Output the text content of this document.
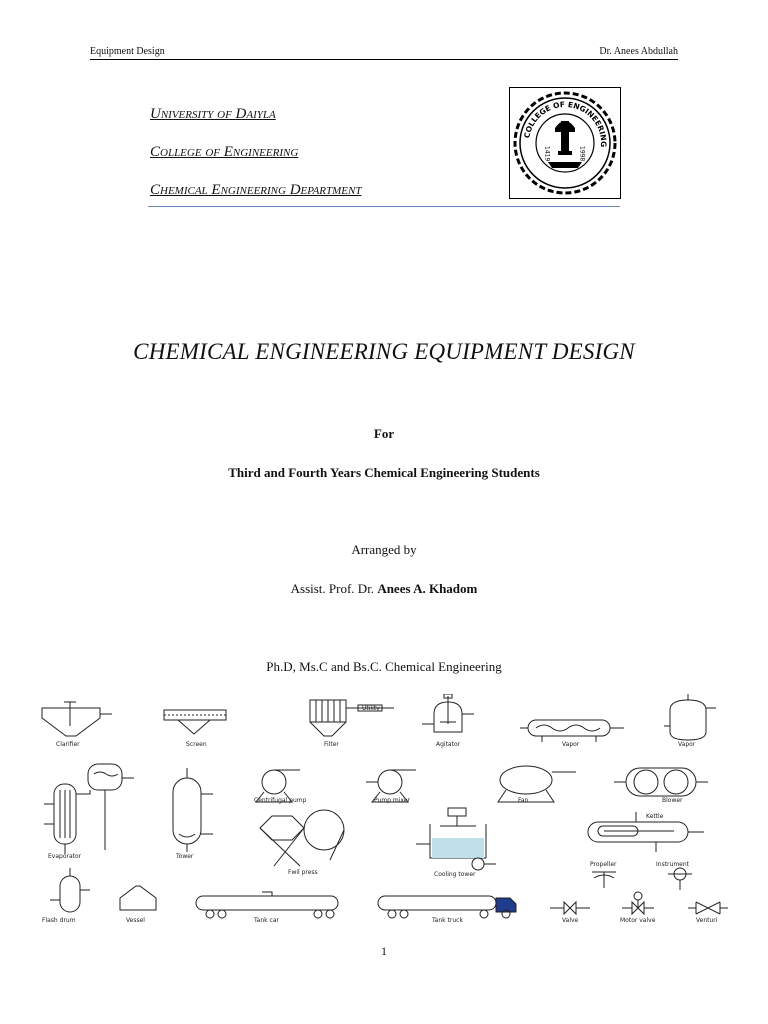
Equipment Design	Dr. Anees Abdullah
University of Daiyla
College of Engineering
Chemical Engineering Department
COLLEGE OF ENGINEERING
1419	1998
CHEMICAL ENGINEERING EQUIPMENT DESIGN
For
Third and Fourth Years Chemical Engineering Students
Arranged by
Assist. Prof. Dr. Anees A. Khadom
Ph.D, Ms.C and Bs.C. Chemical Engineering
Clarifier	Screen	Filter
Utility
Agitator	Vapor	Vapor
Evaporator	Tower
Centrifugal pump	Pump mixer	Fan	Blower
Fwil press	Cooling tower
Kettle
Propeller	Instrument
Flash drum	Vessel	Tank car	Tank truck	Valve	Motor valve	Venturi
1
